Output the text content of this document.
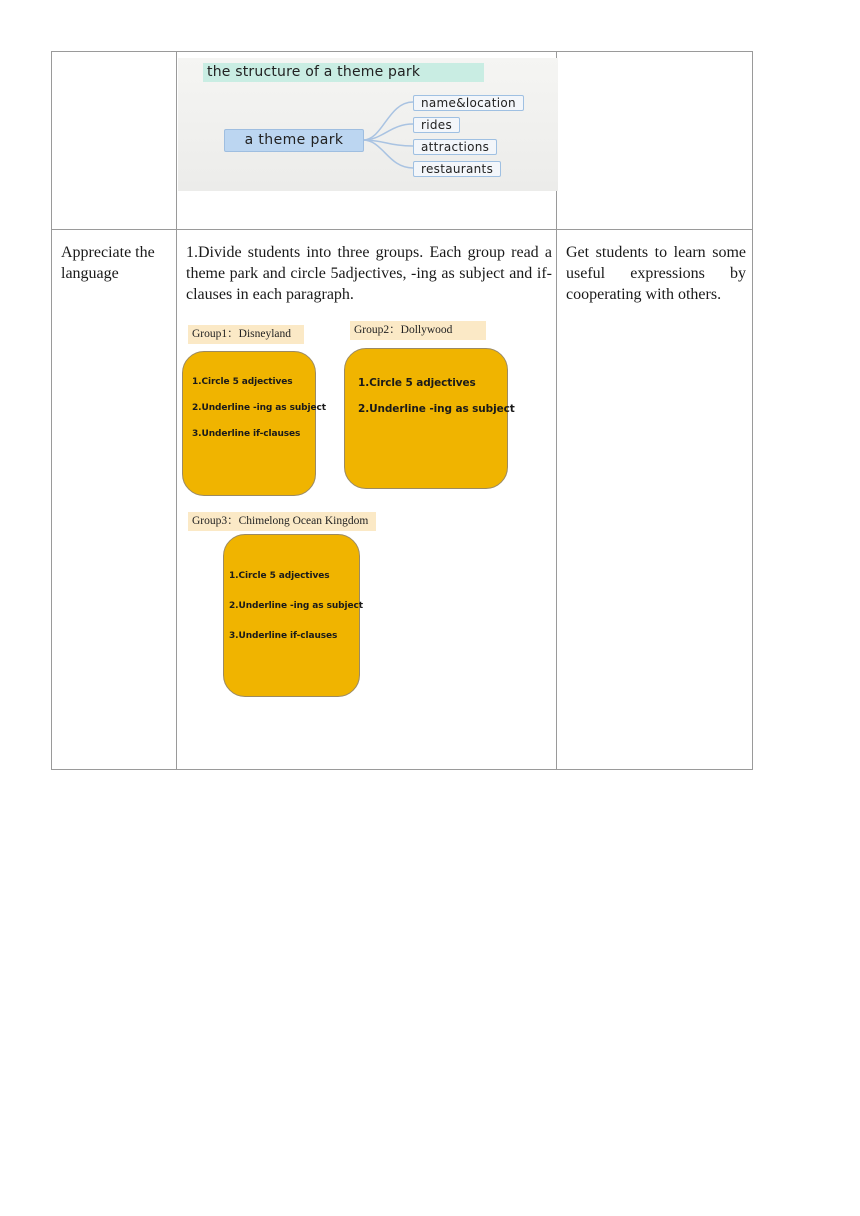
the structure of a theme park
a theme park
name&location
rides
attractions
restaurants
Appreciate the language
1.Divide students into three groups. Each group read a theme park and circle 5adjectives, -ing as subject and if-clauses in each paragraph.
Get students to learn some useful expressions by cooperating with others.
Group1：Disneyland
1.Circle 5 adjectives
2.Underline -ing as subject
3.Underline if-clauses
Group2：Dollywood
1.Circle 5 adjectives
2.Underline -ing as subject
Group3：Chimelong Ocean Kingdom
1.Circle 5 adjectives
2.Underline -ing as subject
3.Underline if-clauses
